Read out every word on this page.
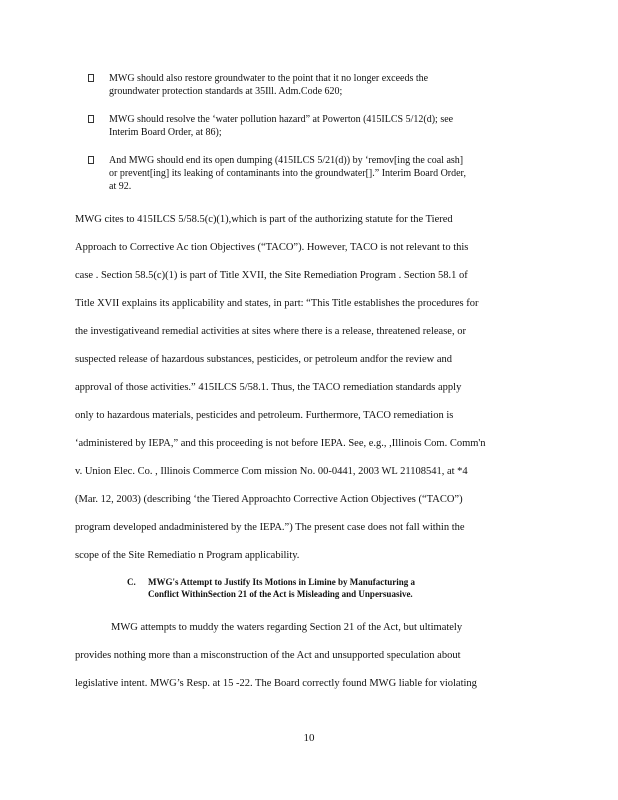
MWG should also restore groundwater to the point that it no longer exceeds the
groundwater protection standards at 35Ill. Adm.Code 620;
MWG should resolve the ‘water pollution hazard” at Powerton (415ILCS 5/12(d); see
Interim Board Order, at 86);
And MWG should end its open dumping (415ILCS 5/21(d)) by ‘remov[ing the coal ash]
or prevent[ing] its leaking of contaminants into the groundwater[].” Interim Board Order,
at 92.
MWG cites to 415ILCS 5/58.5(c)(1),which is part of the authorizing statute for the Tiered
Approach to Corrective Ac tion Objectives (“TACO”). However, TACO is not relevant to this
case . Section 58.5(c)(1) is part of Title XVII, the Site Remediation Program . Section 58.1 of
Title XVII explains its applicability and states, in part: “This Title establishes the procedures for
the investigativeand remedial activities at sites where there is a release, threatened release, or
suspected release of hazardous substances, pesticides, or petroleum andfor the review and
approval of those activities.” 415ILCS 5/58.1. Thus, the TACO remediation standards apply
only to hazardous materials, pesticides and petroleum. Furthermore, TACO remediation is
‘administered by IEPA,” and this proceeding is not before IEPA. See, e.g., ,Illinois Com. Comm'n
v. Union Elec. Co. , Illinois Commerce Com mission No. 00-0441, 2003 WL 21108541, at *4
(Mar. 12, 2003) (describing ‘the Tiered Approachto Corrective Action Objectives (“TACO”)
program developed andadministered by the IEPA.”) The present case does not fall within the
scope of the Site Remediatio n Program applicability.
C.	MWG's Attempt to Justify Its Motions in Limine by Manufacturing a
Conflict WithinSection 21 of the Act is Misleading and Unpersuasive.
MWG attempts to muddy the waters regarding Section 21 of the Act, but ultimately
provides nothing more than a misconstruction of the Act and unsupported speculation about
legislative intent. MWG’s Resp. at 15 -22. The Board correctly found MWG liable for violating
10
